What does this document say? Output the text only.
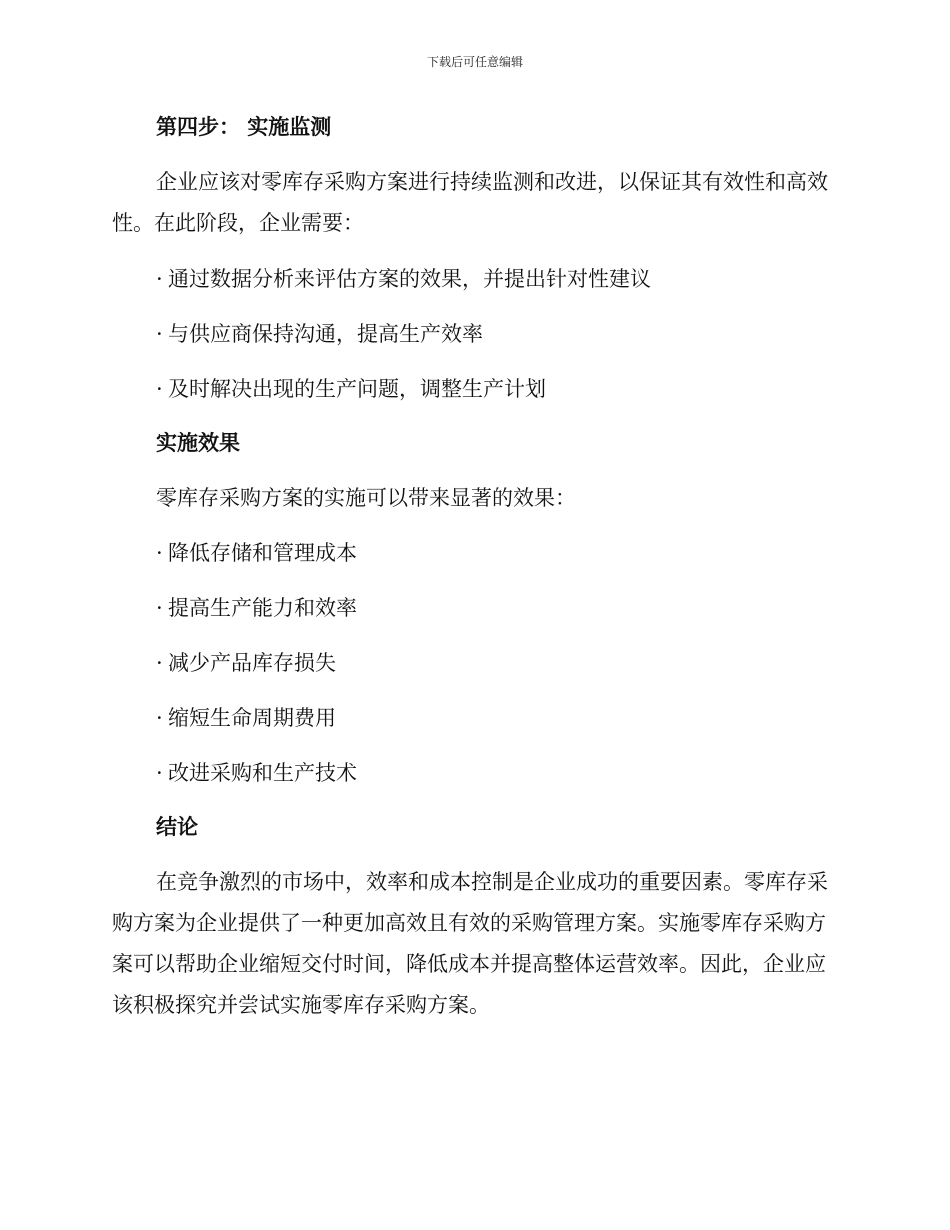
下载后可任意编辑
第四步： 实施监测

企业应该对零库存采购方案进行持续监测和改进，以保证其有效性和高效性。在此阶段，企业需要：

· 通过数据分析来评估方案的效果，并提出针对性建议

· 与供应商保持沟通，提高生产效率

· 及时解决出现的生产问题，调整生产计划

实施效果

零库存采购方案的实施可以带来显著的效果：

· 降低存储和管理成本

· 提高生产能力和效率

· 减少产品库存损失

· 缩短生命周期费用

· 改进采购和生产技术

结论

在竞争激烈的市场中，效率和成本控制是企业成功的重要因素。零库存采购方案为企业提供了一种更加高效且有效的采购管理方案。实施零库存采购方案可以帮助企业缩短交付时间，降低成本并提高整体运营效率。因此，企业应该积极探究并尝试实施零库存采购方案。
